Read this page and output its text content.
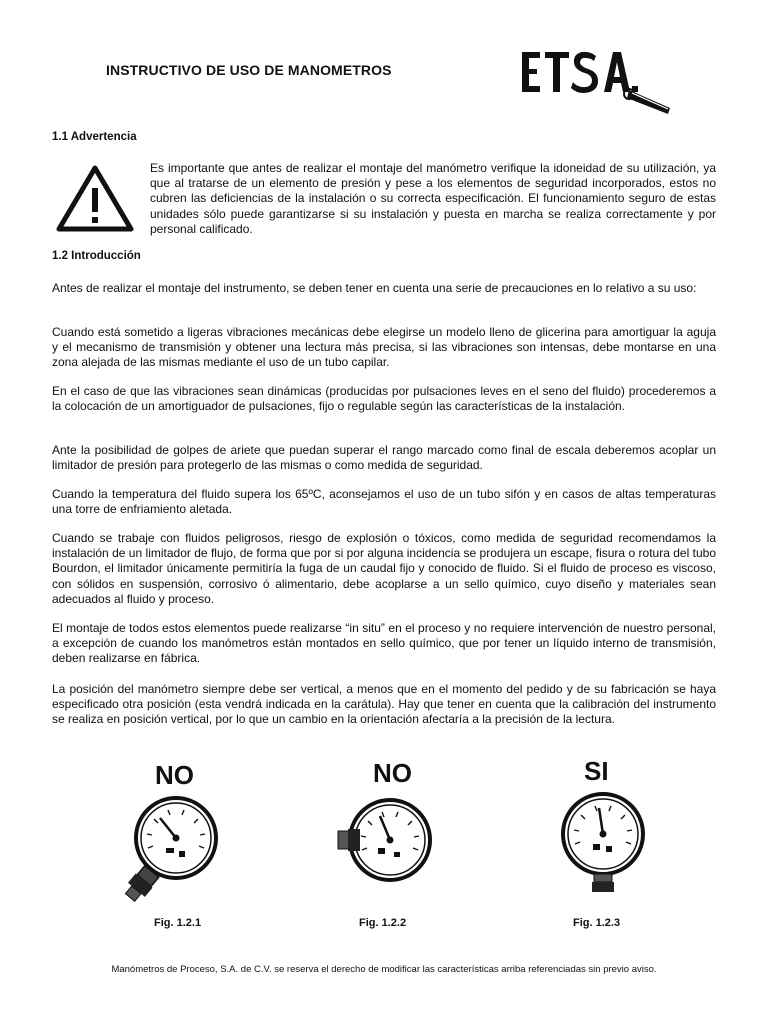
INSTRUCTIVO DE USO DE MANOMETROS
1.1 Advertencia
Es importante que antes de realizar el montaje del manómetro verifique la idoneidad de su utilización, ya que al tratarse de un elemento de presión y pese a los elementos de seguridad incorporados, estos no cubren las deficiencias de la instalación o su correcta especificación. El funcionamiento seguro de estas unidades sólo puede garantizarse si su instalación y puesta en marcha se realiza correctamente y por personal calificado.
1.2 Introducción
Antes de realizar el montaje del instrumento, se deben tener en cuenta una serie de precauciones en lo relativo a su uso:
Cuando está sometido a ligeras vibraciones mecánicas debe elegirse un modelo lleno de glicerina para amortiguar la aguja y el mecanismo de transmisión y obtener una lectura más precisa, si las vibraciones son intensas, debe montarse en una zona alejada de las mismas mediante el uso de un tubo capilar.
En el caso de que las vibraciones sean dinámicas (producidas por pulsaciones leves en el seno del fluido) procederemos a la colocación de un amortiguador de pulsaciones, fijo o regulable según las características de la instalación.
Ante la posibilidad de golpes de ariete que puedan superar el rango marcado como final de escala deberemos acoplar un limitador de presión para protegerlo de las mismas o como medida de seguridad.
Cuando la temperatura del fluido supera los 65ºC, aconsejamos el uso de un tubo sifón y en casos de altas temperaturas una torre de enfriamiento aletada.
Cuando se trabaje con fluidos peligrosos, riesgo de explosión o tóxicos, como medida de seguridad recomendamos la instalación de un limitador de flujo, de forma que por si por alguna incidencia se produjera un escape, fisura o rotura del tubo Bourdon, el limitador únicamente permitiría la fuga de un caudal fijo y conocido de fluido. Si el fluido de proceso es viscoso, con sólidos en suspensión, corrosivo ó alimentario, debe acoplarse a un sello químico, cuyo diseño y materiales sean adecuados al fluido y proceso.
El montaje de todos estos elementos puede realizarse “in situ” en el proceso y no requiere intervención de nuestro personal, a excepción de cuando los manómetros están montados en sello químico, que por tener un líquido interno de transmisión, deben realizarse en fábrica.
La posición del manómetro siempre debe ser vertical, a menos que en el momento del pedido y de su fabricación se haya especificado otra posición (esta vendrá indicada en la carátula). Hay que tener en cuenta que la calibración del instrumento se realiza en posición vertical, por lo que un cambio en la orientación afectaría a la precisión de la lectura.
NO
Fig. 1.2.1
NO
Fig. 1.2.2
SI
Fig. 1.2.3
Manómetros de Proceso, S.A. de C.V. se reserva el derecho de modificar las características arriba referenciadas sin previo aviso.
